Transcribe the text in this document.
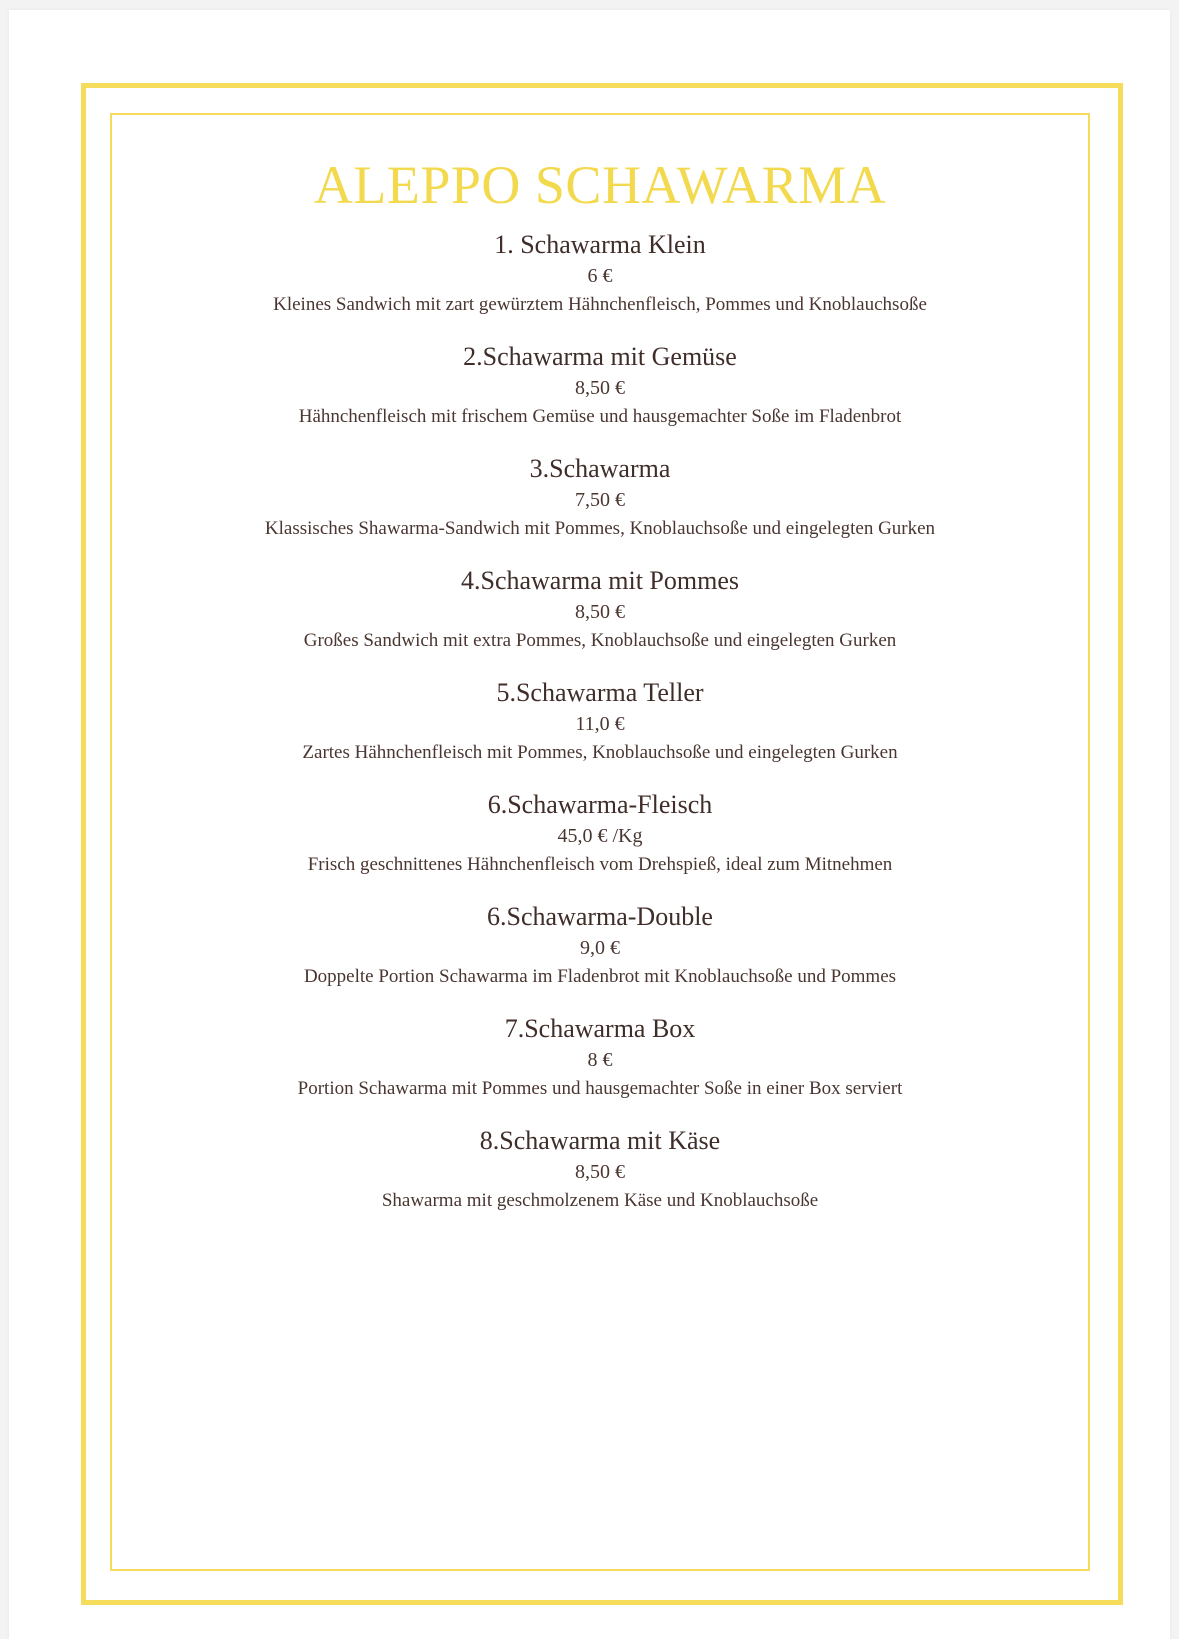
ALEPPO SCHAWARMA
1. Schawarma Klein
6 €
Kleines Sandwich mit zart gewürztem Hähnchenfleisch, Pommes und Knoblauchsoße
2.Schawarma mit Gemüse
8,50 €
Hähnchenfleisch mit frischem Gemüse und hausgemachter Soße im Fladenbrot
3.Schawarma
7,50 €
Klassisches Shawarma-Sandwich mit Pommes, Knoblauchsoße und eingelegten Gurken
4.Schawarma mit Pommes
8,50 €
Großes Sandwich mit extra Pommes, Knoblauchsoße und eingelegten Gurken
5.Schawarma Teller
11,0 €
Zartes Hähnchenfleisch mit Pommes, Knoblauchsoße und eingelegten Gurken
6.Schawarma-Fleisch
45,0 € /Kg
Frisch geschnittenes Hähnchenfleisch vom Drehspieß, ideal zum Mitnehmen
6.Schawarma-Double
9,0 €
Doppelte Portion Schawarma im Fladenbrot mit Knoblauchsoße und Pommes
7.Schawarma Box
8 €
Portion Schawarma mit Pommes und hausgemachter Soße in einer Box serviert
8.Schawarma mit Käse
8,50 €
Shawarma mit geschmolzenem Käse und Knoblauchsoße
